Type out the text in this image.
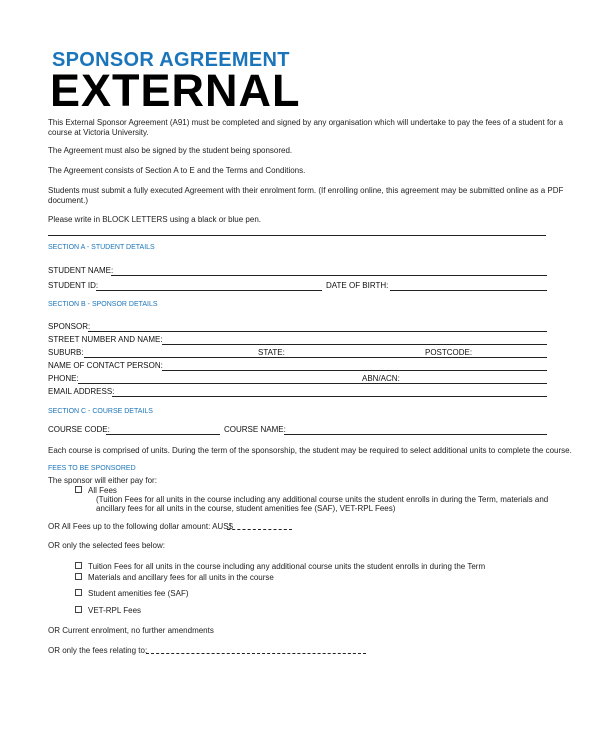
SPONSOR AGREEMENT
EXTERNAL
This External Sponsor Agreement (A91) must be completed and signed by any organisation which will undertake to pay the fees of a student for a
course at Victoria University.
The Agreement must also be signed by the student being sponsored.
The Agreement consists of Section A to E and the Terms and Conditions.
Students must submit a fully executed Agreement with their enrolment form. (If enrolling online, this agreement may be submitted online as a PDF
document.)
Please write in BLOCK LETTERS using a black or blue pen.
SECTION A - STUDENT DETAILS
STUDENT NAME:
STUDENT ID:	DATE OF BIRTH:
SECTION B - SPONSOR DETAILS
SPONSOR:
STREET NUMBER AND NAME:
SUBURB:	STATE:	POSTCODE:
NAME OF CONTACT PERSON:
PHONE:	ABN/ACN:
EMAIL ADDRESS:
SECTION C - COURSE DETAILS
COURSE CODE:	COURSE NAME:
Each course is comprised of units. During the term of the sponsorship, the student may be required to select additional units to complete the course.
FEES TO BE SPONSORED
The sponsor will either pay for:
All Fees
(Tuition Fees for all units in the course including any additional course units the student enrolls in during the Term, materials and
ancillary fees for all units in the course, student amenities fee (SAF), VET-RPL Fees)
OR All Fees up to the following dollar amount: AUS$
OR only the selected fees below:
Tuition Fees for all units in the course including any additional course units the student enrolls in during the Term
Materials and ancillary fees for all units in the course
Student amenities fee (SAF)
VET-RPL Fees
OR Current enrolment, no further amendments
OR only the fees relating to:
